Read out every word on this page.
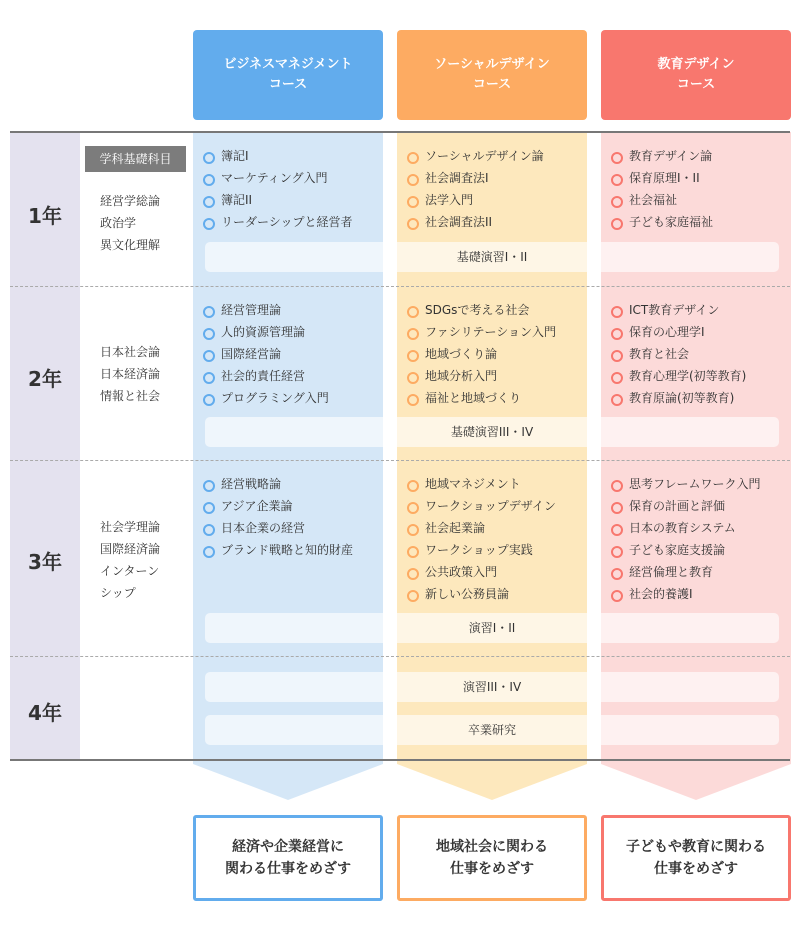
ビジネスマネジメント
コース
ソーシャルデザイン
コース
教育デザイン
コース
1年
2年
3年
4年
学科基礎科目
経営学総論
政治学
異文化理解
日本社会論
日本経済論
情報と社会
社会学理論
国際経済論
インターン
シップ
簿記I
マーケティング入門
簿記II
リーダーシップと経営者
ソーシャルデザイン論
社会調査法I
法学入門
社会調査法II
教育デザイン論
保育原理I・II
社会福祉
子ども家庭福祉
基礎演習I・II
経営管理論
人的資源管理論
国際経営論
社会的責任経営
プログラミング入門
SDGsで考える社会
ファシリテーション入門
地域づくり論
地域分析入門
福祉と地域づくり
ICT教育デザイン
保育の心理学I
教育と社会
教育心理学(初等教育)
教育原論(初等教育)
基礎演習III・IV
経営戦略論
アジア企業論
日本企業の経営
ブランド戦略と知的財産
地域マネジメント
ワークショップデザイン
社会起業論
ワークショップ実践
公共政策入門
新しい公務員論
思考フレームワーク入門
保育の計画と評価
日本の教育システム
子ども家庭支援論
経営倫理と教育
社会的養護I
演習I・II
演習III・IV
卒業研究
経済や企業経営に
関わる仕事をめざす
地域社会に関わる
仕事をめざす
子どもや教育に関わる
仕事をめざす
